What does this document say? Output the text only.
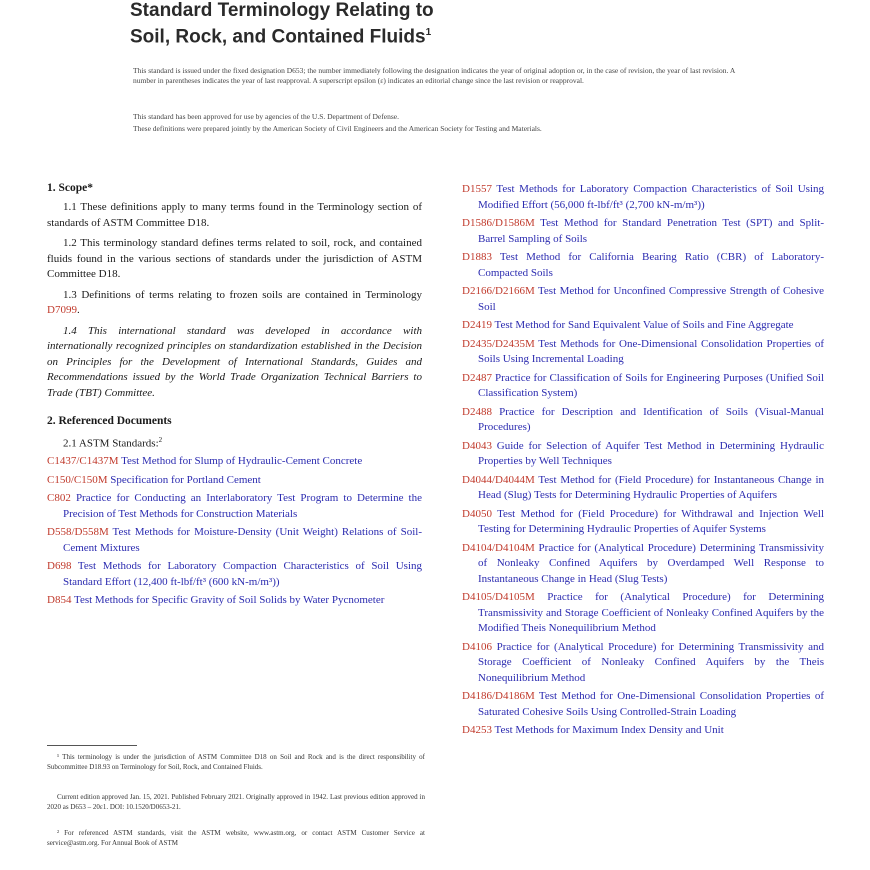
Standard Terminology Relating to
Soil, Rock, and Contained Fluids$^1$
This standard is issued under the fixed designation D653; the number immediately following the designation indicates the year of original adoption or, in the case of revision, the year of last revision. A number in parentheses indicates the year of last reapproval. A superscript epsilon (ε) indicates an editorial change since the last revision or reapproval.
This standard has been approved for use by agencies of the U.S. Department of Defense.
These definitions were prepared jointly by the American Society of Civil Engineers and the American Society for Testing and Materials.
1. Scope*
1.1 These definitions apply to many terms found in the Terminology section of standards of ASTM Committee D18.
1.2 This terminology standard defines terms related to soil, rock, and contained fluids found in the various sections of standards under the jurisdiction of ASTM Committee D18.
1.3 Definitions of terms relating to frozen soils are contained in Terminology D7099.
1.4 This international standard was developed in accordance with internationally recognized principles on standardization established in the Decision on Principles for the Development of International Standards, Guides and Recommendations issued by the World Trade Organization Technical Barriers to Trade (TBT) Committee.
2. Referenced Documents
2.1 ASTM Standards:$^2$
C1437/C1437M Test Method for Slump of Hydraulic-Cement Concrete
C150/C150M Specification for Portland Cement
C802 Practice for Conducting an Interlaboratory Test Program to Determine the Precision of Test Methods for Construction Materials
D558/D558M Test Methods for Moisture-Density (Unit Weight) Relations of Soil-Cement Mixtures
D698 Test Methods for Laboratory Compaction Characteristics of Soil Using Standard Effort (12,400 ft-lbf/ft³ (600 kN-m/m³))
D854 Test Methods for Specific Gravity of Soil Solids by Water Pycnometer
D1557 Test Methods for Laboratory Compaction Characteristics of Soil Using Modified Effort (56,000 ft-lbf/ft³ (2,700 kN-m/m³))
D1586/D1586M Test Method for Standard Penetration Test (SPT) and Split-Barrel Sampling of Soils
D1883 Test Method for California Bearing Ratio (CBR) of Laboratory-Compacted Soils
D2166/D2166M Test Method for Unconfined Compressive Strength of Cohesive Soil
D2419 Test Method for Sand Equivalent Value of Soils and Fine Aggregate
D2435/D2435M Test Methods for One-Dimensional Consolidation Properties of Soils Using Incremental Loading
D2487 Practice for Classification of Soils for Engineering Purposes (Unified Soil Classification System)
D2488 Practice for Description and Identification of Soils (Visual-Manual Procedures)
D4043 Guide for Selection of Aquifer Test Method in Determining Hydraulic Properties by Well Techniques
D4044/D4044M Test Method for (Field Procedure) for Instantaneous Change in Head (Slug) Tests for Determining Hydraulic Properties of Aquifers
D4050 Test Method for (Field Procedure) for Withdrawal and Injection Well Testing for Determining Hydraulic Properties of Aquifer Systems
D4104/D4104M Practice for (Analytical Procedure) Determining Transmissivity of Nonleaky Confined Aquifers by Overdamped Well Response to Instantaneous Change in Head (Slug Tests)
D4105/D4105M Practice for (Analytical Procedure) for Determining Transmissivity and Storage Coefficient of Nonleaky Confined Aquifers by the Modified Theis Nonequilibrium Method
D4106 Practice for (Analytical Procedure) for Determining Transmissivity and Storage Coefficient of Nonleaky Confined Aquifers by the Theis Nonequilibrium Method
D4186/D4186M Test Method for One-Dimensional Consolidation Properties of Saturated Cohesive Soils Using Controlled-Strain Loading
D4253 Test Methods for Maximum Index Density and Unit
¹ This terminology is under the jurisdiction of ASTM Committee D18 on Soil and Rock and is the direct responsibility of Subcommittee D18.93 on Terminology for Soil, Rock, and Contained Fluids.
Current edition approved Jan. 15, 2021. Published February 2021. Originally approved in 1942. Last previous edition approved in 2020 as D653 – 20ε1. DOI: 10.1520/D0653-21.
² For referenced ASTM standards, visit the ASTM website, www.astm.org, or contact ASTM Customer Service at service@astm.org. For Annual Book of ASTM
